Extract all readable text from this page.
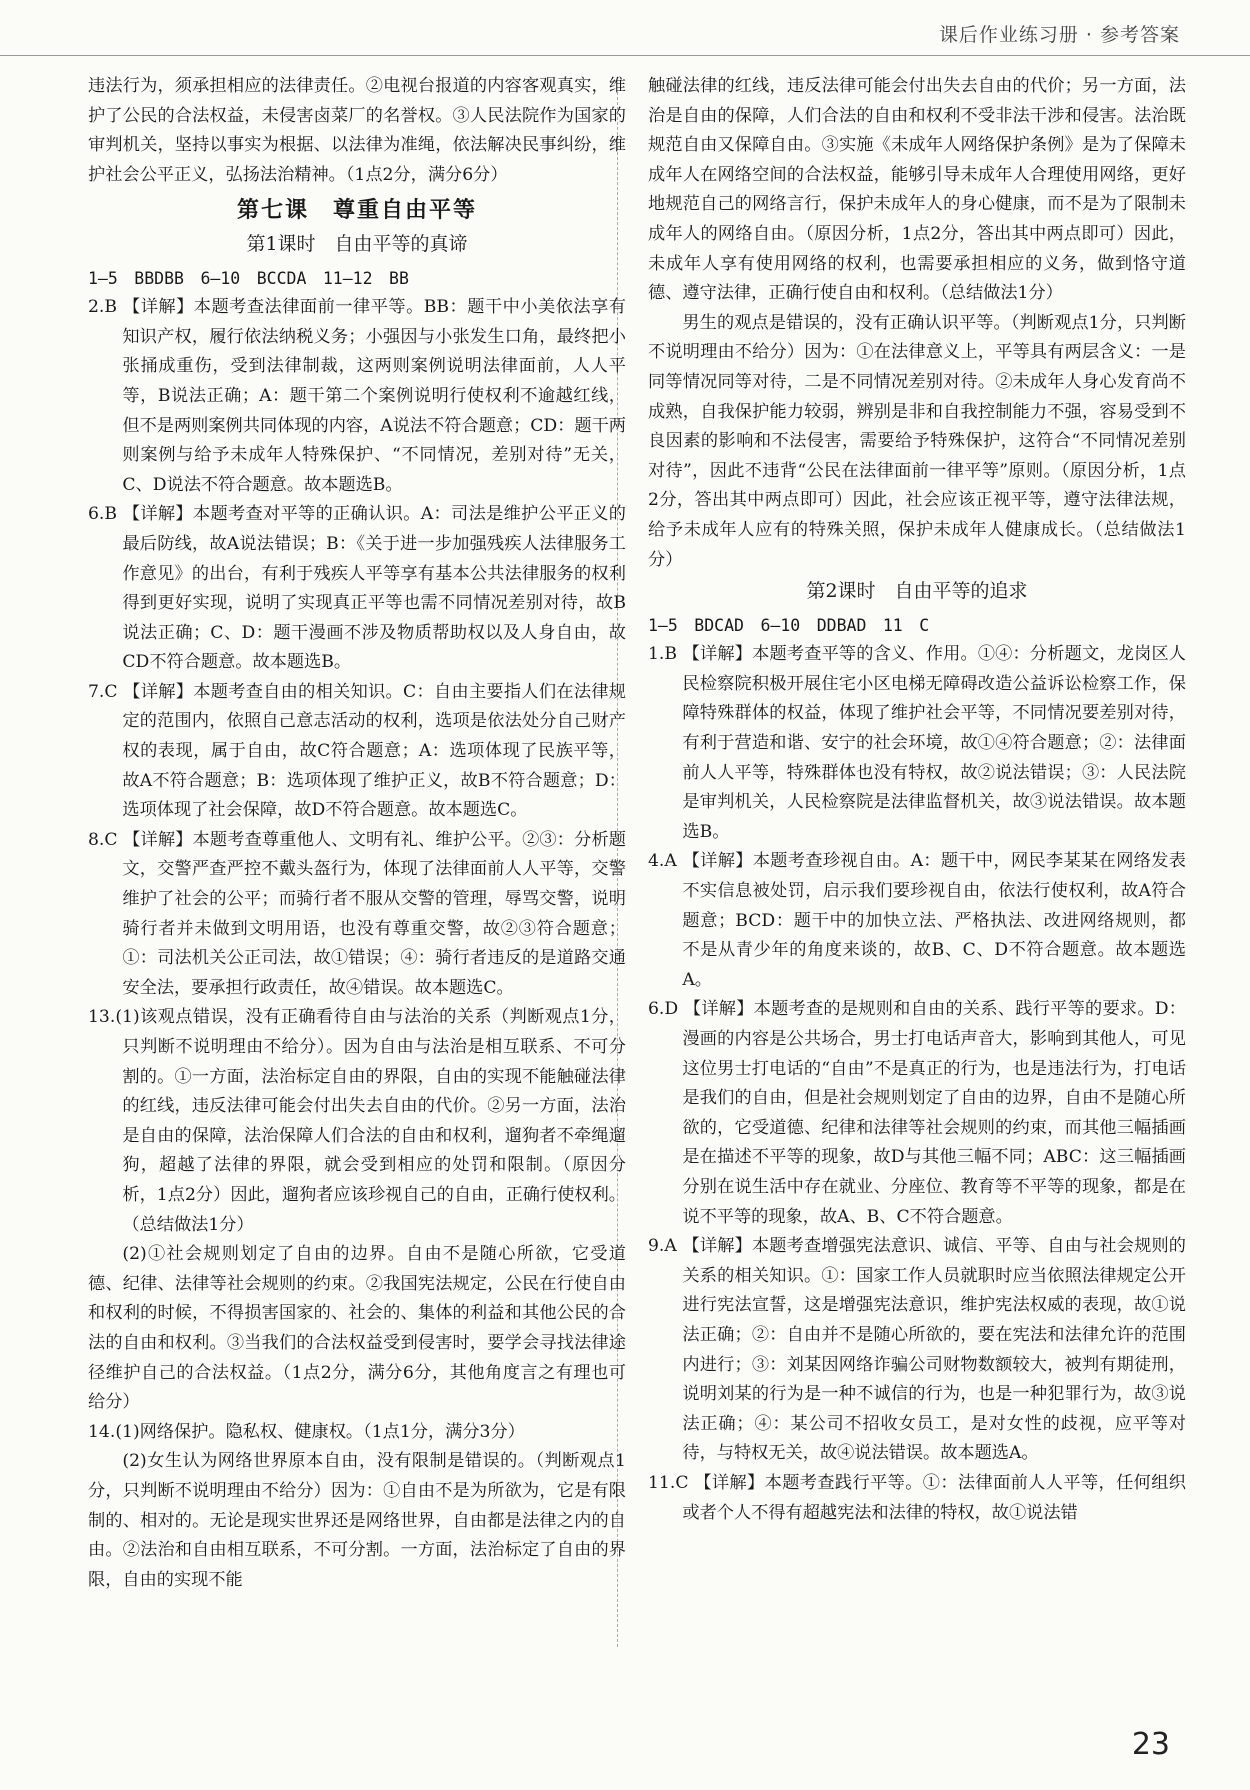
课后作业练习册 · 参考答案

违法行为，须承担相应的法律责任。②电视台报道的内容客观真实，维护了公民的合法权益，未侵害卤菜厂的名誉权。③人民法院作为国家的审判机关，坚持以事实为根据、以法律为准绳，依法解决民事纠纷，维护社会公平正义，弘扬法治精神。（1点2分，满分6分）

第七课　尊重自由平等
第1课时　自由平等的真谛

1—5　BBDBB　6—10　BCCDA　11—12　BB

2.B 【详解】本题考查法律面前一律平等。BB：题干中小美依法享有知识产权，履行依法纳税义务；小强因与小张发生口角，最终把小张捅成重伤，受到法律制裁，这两则案例说明法律面前，人人平等，B说法正确；A：题干第二个案例说明行使权利不逾越红线，但不是两则案例共同体现的内容，A说法不符合题意；CD：题干两则案例与给予未成年人特殊保护、“不同情况，差别对待”无关，C、D说法不符合题意。故本题选B。

6.B 【详解】本题考查对平等的正确认识。A：司法是维护公平正义的最后防线，故A说法错误；B：《关于进一步加强残疾人法律服务工作意见》的出台，有利于残疾人平等享有基本公共法律服务的权利得到更好实现，说明了实现真正平等也需不同情况差别对待，故B说法正确；C、D：题干漫画不涉及物质帮助权以及人身自由，故CD不符合题意。故本题选B。

7.C 【详解】本题考查自由的相关知识。C：自由主要指人们在法律规定的范围内，依照自己意志活动的权利，选项是依法处分自己财产权的表现，属于自由，故C符合题意；A：选项体现了民族平等，故A不符合题意；B：选项体现了维护正义，故B不符合题意；D：选项体现了社会保障，故D不符合题意。故本题选C。

8.C 【详解】本题考查尊重他人、文明有礼、维护公平。②③：分析题文，交警严查严控不戴头盔行为，体现了法律面前人人平等，交警维护了社会的公平；而骑行者不服从交警的管理，辱骂交警，说明骑行者并未做到文明用语，也没有尊重交警，故②③符合题意；①：司法机关公正司法，故①错误；④：骑行者违反的是道路交通安全法，要承担行政责任，故④错误。故本题选C。

13.(1)该观点错误，没有正确看待自由与法治的关系（判断观点1分，只判断不说明理由不给分）。因为自由与法治是相互联系、不可分割的。①一方面，法治标定自由的界限，自由的实现不能触碰法律的红线，违反法律可能会付出失去自由的代价。②另一方面，法治是自由的保障，法治保障人们合法的自由和权利，遛狗者不牵绳遛狗，超越了法律的界限，就会受到相应的处罚和限制。（原因分析，1点2分）因此，遛狗者应该珍视自己的自由，正确行使权利。（总结做法1分）

(2)①社会规则划定了自由的边界。自由不是随心所欲，它受道德、纪律、法律等社会规则的约束。②我国宪法规定，公民在行使自由和权利的时候，不得损害国家的、社会的、集体的利益和其他公民的合法的自由和权利。③当我们的合法权益受到侵害时，要学会寻找法律途径维护自己的合法权益。（1点2分，满分6分，其他角度言之有理也可给分）

14.(1)网络保护。隐私权、健康权。（1点1分，满分3分）

(2)女生认为网络世界原本自由，没有限制是错误的。（判断观点1分，只判断不说明理由不给分）因为：①自由不是为所欲为，它是有限制的、相对的。无论是现实世界还是网络世界，自由都是法律之内的自由。②法治和自由相互联系，不可分割。一方面，法治标定了自由的界限，自由的实现不能

触碰法律的红线，违反法律可能会付出失去自由的代价；另一方面，法治是自由的保障，人们合法的自由和权利不受非法干涉和侵害。法治既规范自由又保障自由。③实施《未成年人网络保护条例》是为了保障未成年人在网络空间的合法权益，能够引导未成年人合理使用网络，更好地规范自己的网络言行，保护未成年人的身心健康，而不是为了限制未成年人的网络自由。（原因分析，1点2分，答出其中两点即可）因此，未成年人享有使用网络的权利，也需要承担相应的义务，做到恪守道德、遵守法律，正确行使自由和权利。（总结做法1分）

男生的观点是错误的，没有正确认识平等。（判断观点1分，只判断不说明理由不给分）因为：①在法律意义上，平等具有两层含义：一是同等情况同等对待，二是不同情况差别对待。②未成年人身心发育尚不成熟，自我保护能力较弱，辨别是非和自我控制能力不强，容易受到不良因素的影响和不法侵害，需要给予特殊保护，这符合“不同情况差别对待”，因此不违背“公民在法律面前一律平等”原则。（原因分析，1点2分，答出其中两点即可）因此，社会应该正视平等，遵守法律法规，给予未成年人应有的特殊关照，保护未成年人健康成长。（总结做法1分）

第2课时　自由平等的追求

1—5　BDCAD　6—10　DDBAD　11　C

1.B 【详解】本题考查平等的含义、作用。①④：分析题文，龙岗区人民检察院积极开展住宅小区电梯无障碍改造公益诉讼检察工作，保障特殊群体的权益，体现了维护社会平等，不同情况要差别对待，有利于营造和谐、安宁的社会环境，故①④符合题意；②：法律面前人人平等，特殊群体也没有特权，故②说法错误；③：人民法院是审判机关，人民检察院是法律监督机关，故③说法错误。故本题选B。

4.A 【详解】本题考查珍视自由。A：题干中，网民李某某在网络发表不实信息被处罚，启示我们要珍视自由，依法行使权利，故A符合题意；BCD：题干中的加快立法、严格执法、改进网络规则，都不是从青少年的角度来谈的，故B、C、D不符合题意。故本题选A。

6.D 【详解】本题考查的是规则和自由的关系、践行平等的要求。D：漫画的内容是公共场合，男士打电话声音大，影响到其他人，可见这位男士打电话的“自由”不是真正的行为，也是违法行为，打电话是我们的自由，但是社会规则划定了自由的边界，自由不是随心所欲的，它受道德、纪律和法律等社会规则的约束，而其他三幅插画是在描述不平等的现象，故D与其他三幅不同；ABC：这三幅插画分别在说生活中存在就业、分座位、教育等不平等的现象，都是在说不平等的现象，故A、B、C不符合题意。

9.A 【详解】本题考查增强宪法意识、诚信、平等、自由与社会规则的关系的相关知识。①：国家工作人员就职时应当依照法律规定公开进行宪法宣誓，这是增强宪法意识，维护宪法权威的表现，故①说法正确；②：自由并不是随心所欲的，要在宪法和法律允许的范围内进行；③：刘某因网络诈骗公司财物数额较大，被判有期徒刑，说明刘某的行为是一种不诚信的行为，也是一种犯罪行为，故③说法正确；④：某公司不招收女员工，是对女性的歧视，应平等对待，与特权无关，故④说法错误。故本题选A。

11.C 【详解】本题考查践行平等。①：法律面前人人平等，任何组织或者个人不得有超越宪法和法律的特权，故①说法错

23
